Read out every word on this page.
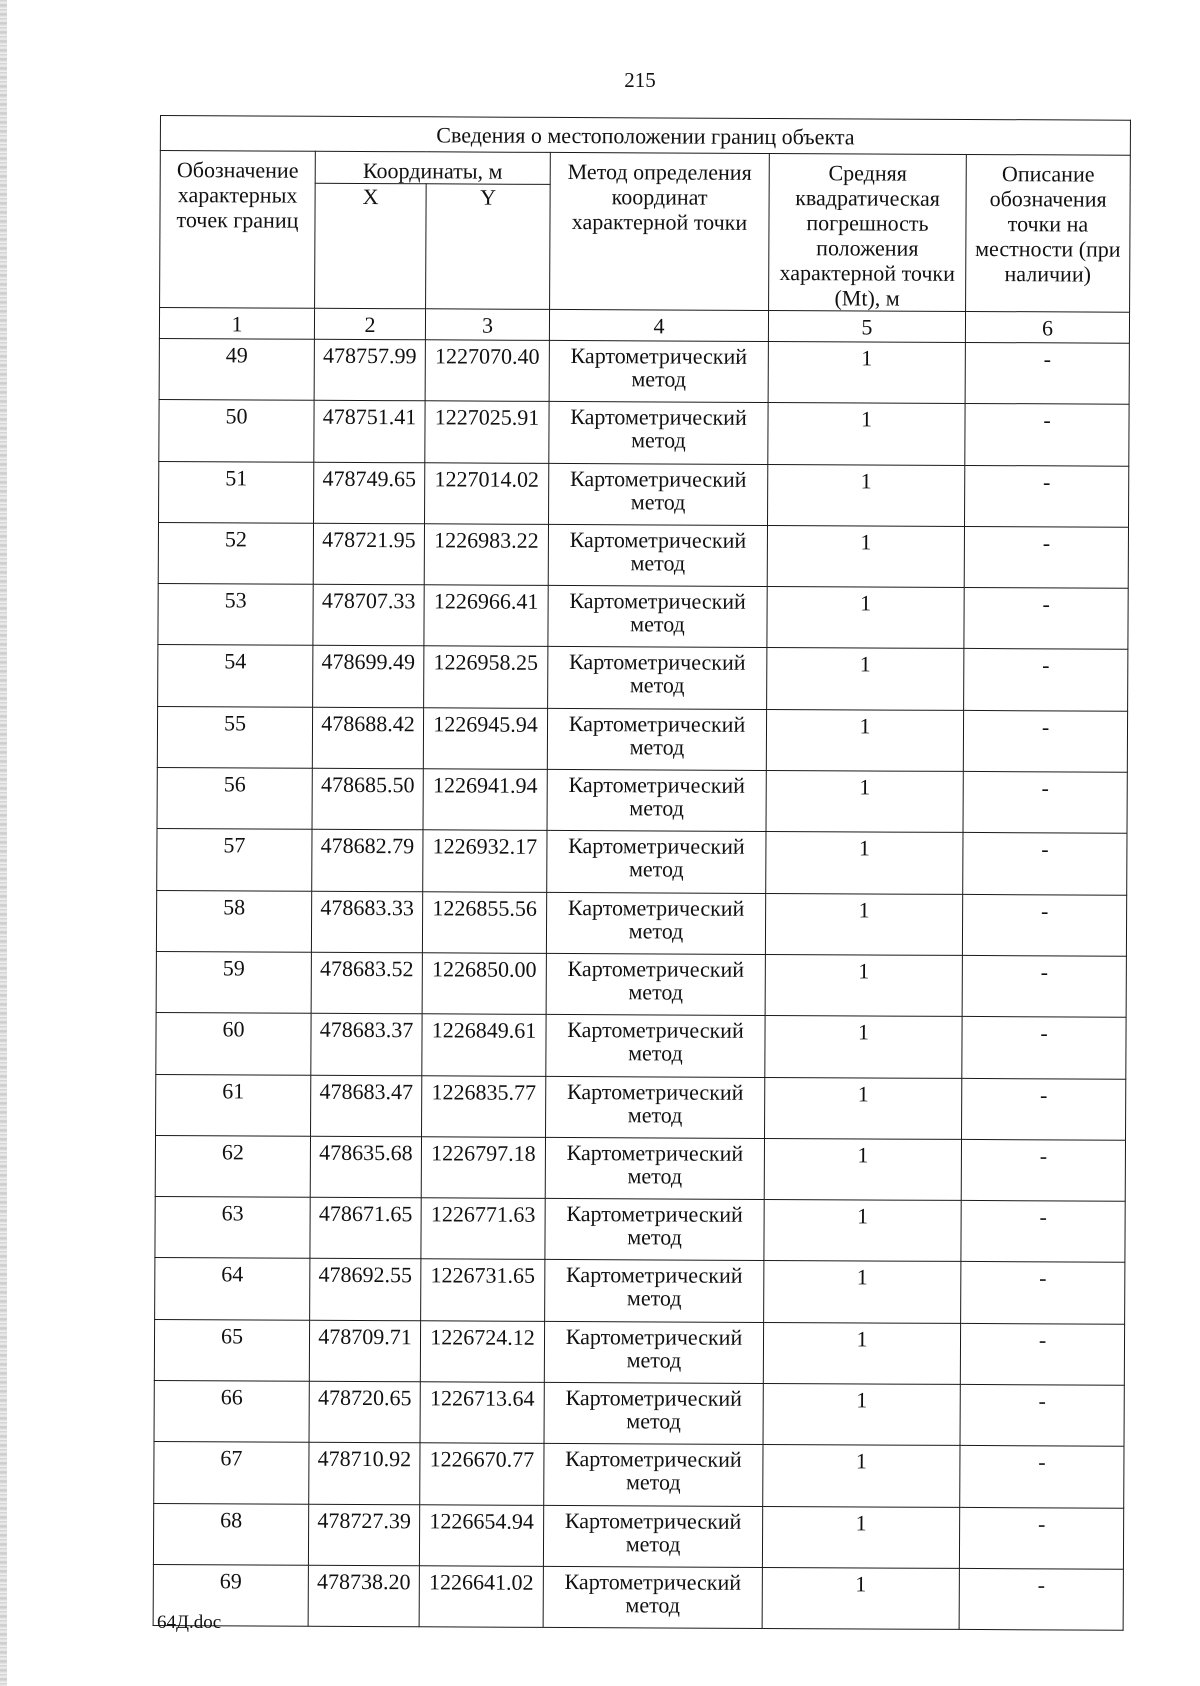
215
Сведения о местоположении границ объекта					
Обозначение характерных точек границ	Координаты, м		Метод определения координат характерной точки	Средняя квадратическая погрешность положения характерной точки (Mt), м	Описание обозначения точки на местности (при наличии)
	X	Y			
1	2	3	4	5	6
49	478757.99	1227070.40	Картометрический метод	1	-
50	478751.41	1227025.91	Картометрический метод	1	-
51	478749.65	1227014.02	Картометрический метод	1	-
52	478721.95	1226983.22	Картометрический метод	1	-
53	478707.33	1226966.41	Картометрический метод	1	-
54	478699.49	1226958.25	Картометрический метод	1	-
55	478688.42	1226945.94	Картометрический метод	1	-
56	478685.50	1226941.94	Картометрический метод	1	-
57	478682.79	1226932.17	Картометрический метод	1	-
58	478683.33	1226855.56	Картометрический метод	1	-
59	478683.52	1226850.00	Картометрический метод	1	-
60	478683.37	1226849.61	Картометрический метод	1	-
61	478683.47	1226835.77	Картометрический метод	1	-
62	478635.68	1226797.18	Картометрический метод	1	-
63	478671.65	1226771.63	Картометрический метод	1	-
64	478692.55	1226731.65	Картометрический метод	1	-
65	478709.71	1226724.12	Картометрический метод	1	-
66	478720.65	1226713.64	Картометрический метод	1	-
67	478710.92	1226670.77	Картометрический метод	1	-
68	478727.39	1226654.94	Картометрический метод	1	-
69	478738.20	1226641.02	Картометрический метод	1	-
64Д.doc
